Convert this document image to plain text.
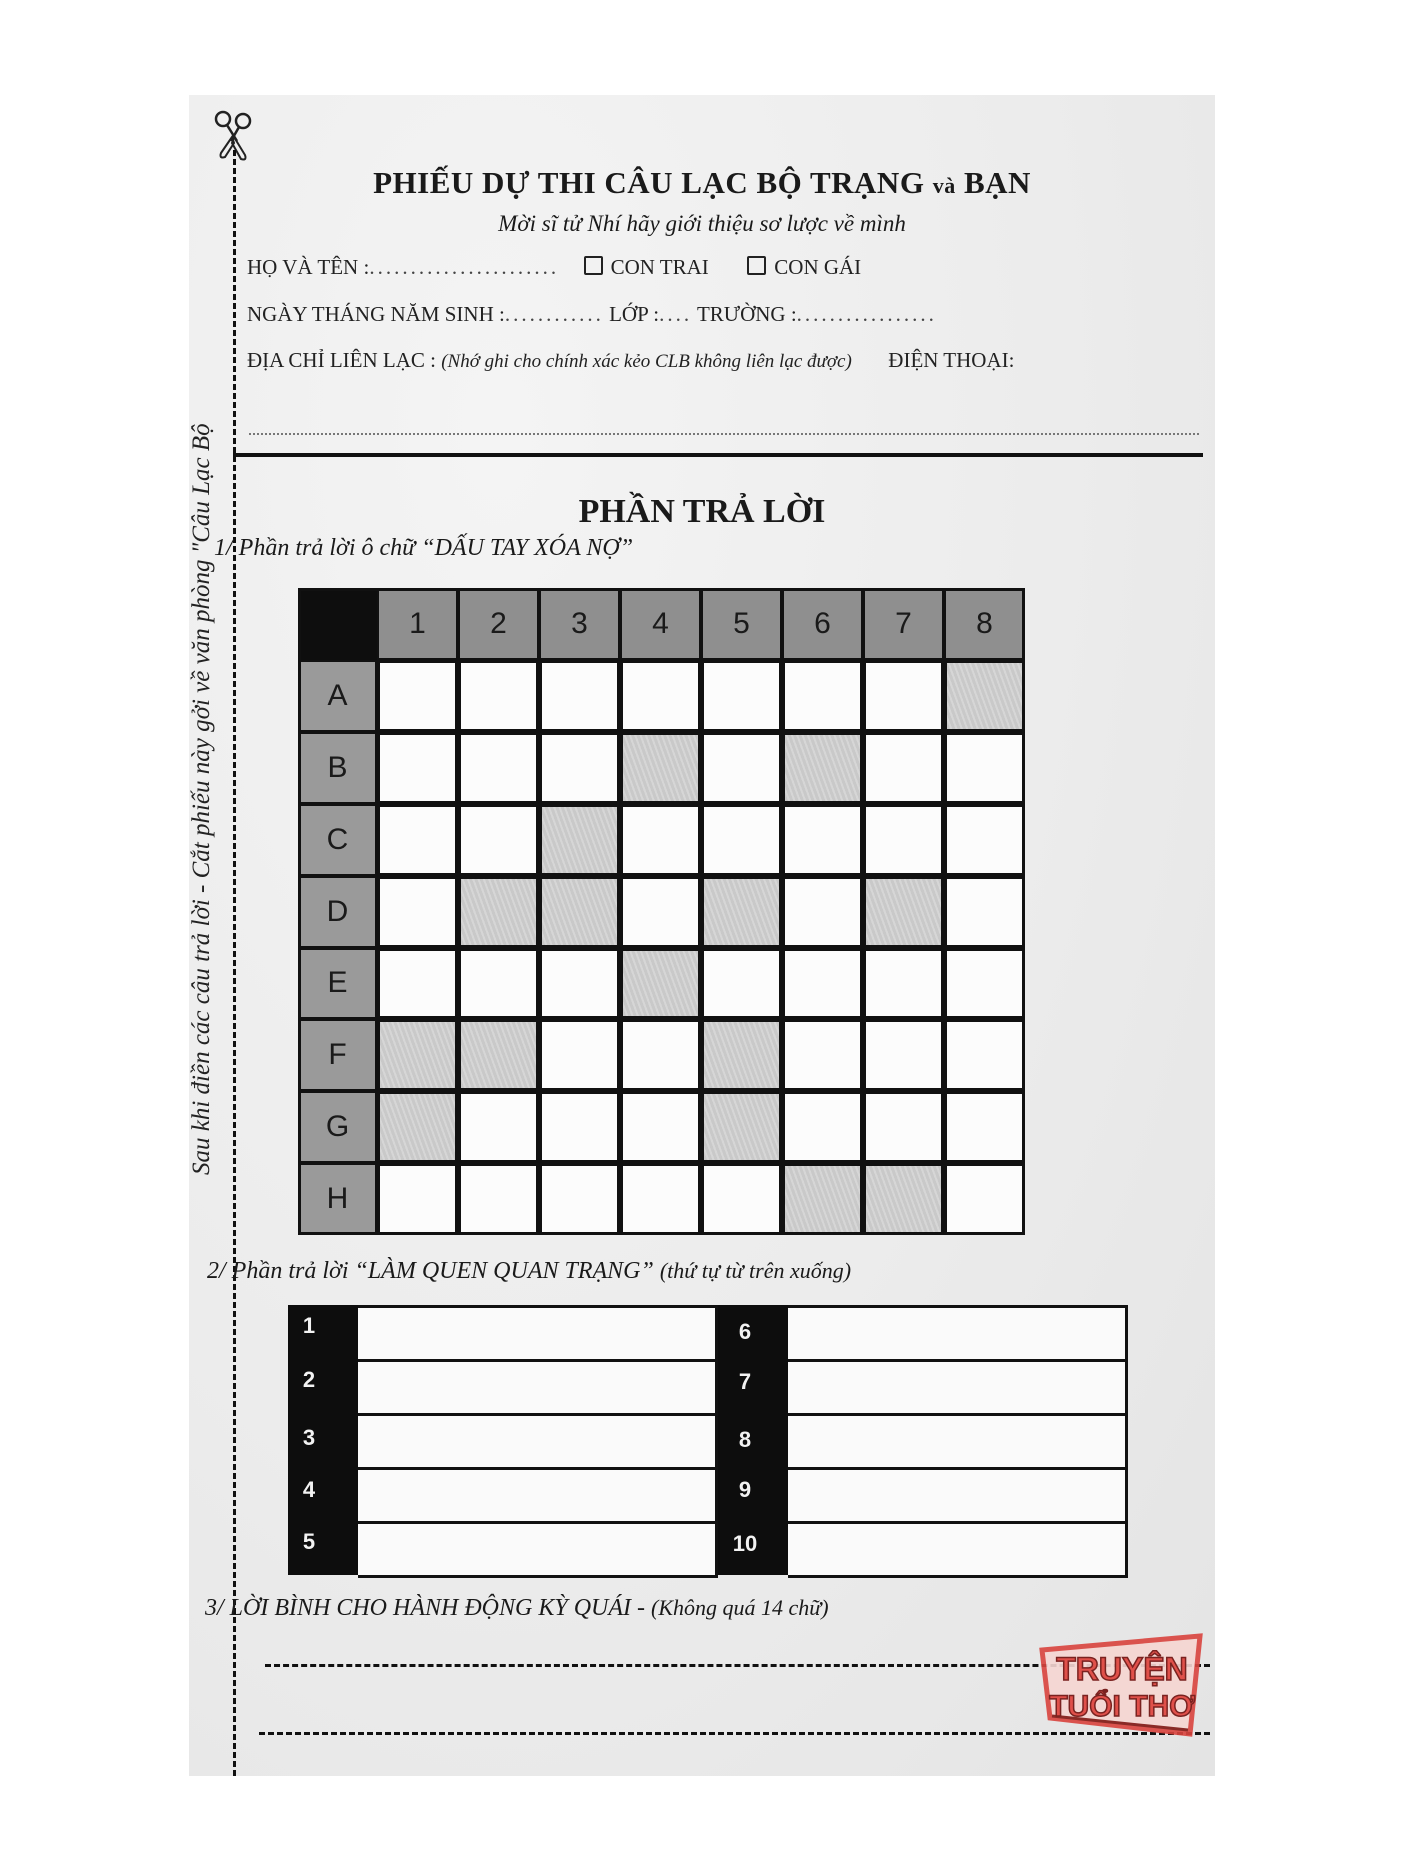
Sau khi điền các câu trả lời - Cắt phiếu này gởi về văn phòng "Câu Lạc Bộ
PHIẾU DỰ THI CÂU LẠC BỘ TRẠNG và BẠN
Mời sĩ tử Nhí hãy giới thiệu sơ lược về mình
HỌ VÀ TÊN :....................... CON TRAI	CON GÁI
NGÀY THÁNG NĂM SINH :............ LỚP :.... TRƯỜNG :.................
ĐỊA CHỈ LIÊN LẠC : (Nhớ ghi cho chính xác kẻo CLB không liên lạc được) ĐIỆN THOẠI:
PHẦN TRẢ LỜI
1/ Phần trả lời ô chữ “DẤU TAY XÓA NỢ”
1	2	3	4	5	6	7	8
A
B
C
D
E
F
G
H
2/ Phần trả lời “LÀM QUEN QUAN TRẠNG” (thứ tự từ trên xuống)
1
2
3
4
5
6
7
8
9
10
3/ LỜI BÌNH CHO HÀNH ĐỘNG KỲ QUÁI - (Không quá 14 chữ)
TRUYỆN
TUỔI THƠ
